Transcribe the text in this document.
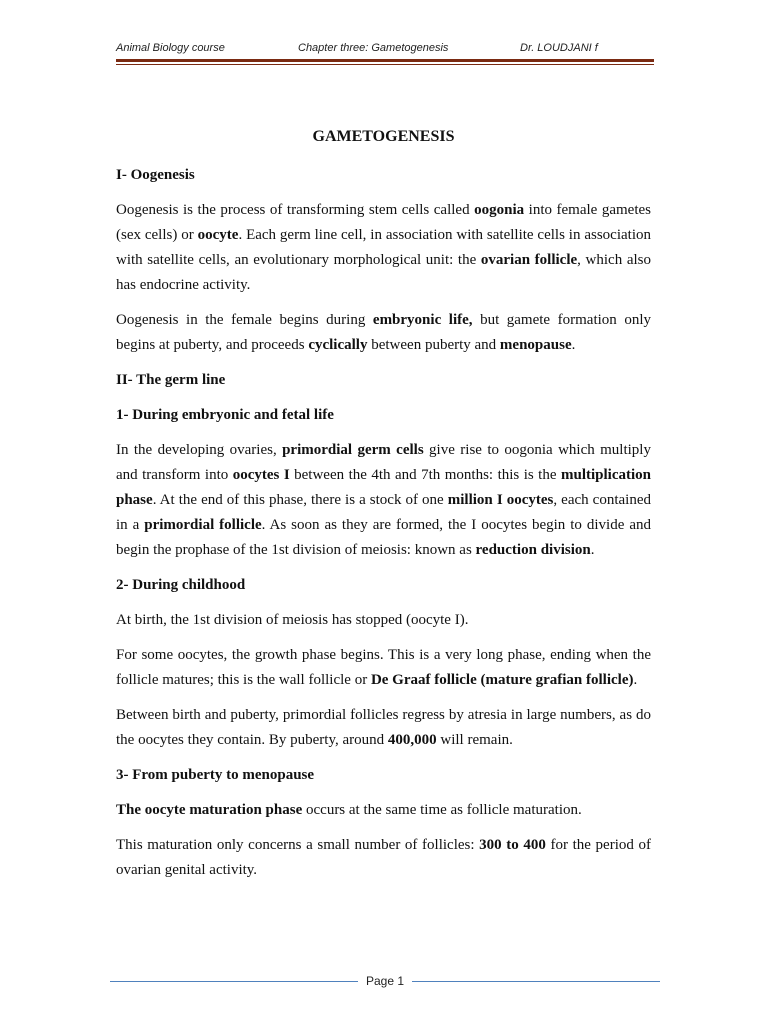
Animal Biology course	Chapter three: Gametogenesis	Dr. LOUDJANI f
GAMETOGENESIS
I- Oogenesis

Oogenesis is the process of transforming stem cells called oogonia into female gametes (sex cells) or oocyte. Each germ line cell, in association with satellite cells in association with satellite cells, an evolutionary morphological unit: the ovarian follicle, which also has endocrine activity.

Oogenesis in the female begins during embryonic life, but gamete formation only begins at puberty, and proceeds cyclically between puberty and menopause.

II- The germ line
1- During embryonic and fetal life

In the developing ovaries, primordial germ cells give rise to oogonia which multiply and transform into oocytes I between the 4th and 7th months: this is the multiplication phase. At the end of this phase, there is a stock of one million I oocytes, each contained in a primordial follicle. As soon as they are formed, the I oocytes begin to divide and begin the prophase of the 1st division of meiosis: known as reduction division.

2- During childhood

At birth, the 1st division of meiosis has stopped (oocyte I).

For some oocytes, the growth phase begins. This is a very long phase, ending when the follicle matures; this is the wall follicle or De Graaf follicle (mature grafian follicle).

Between birth and puberty, primordial follicles regress by atresia in large numbers, as do the oocytes they contain. By puberty, around 400,000 will remain.

3- From puberty to menopause

The oocyte maturation phase occurs at the same time as follicle maturation.

This maturation only concerns a small number of follicles: 300 to 400 for the period of ovarian genital activity.

Page 1
